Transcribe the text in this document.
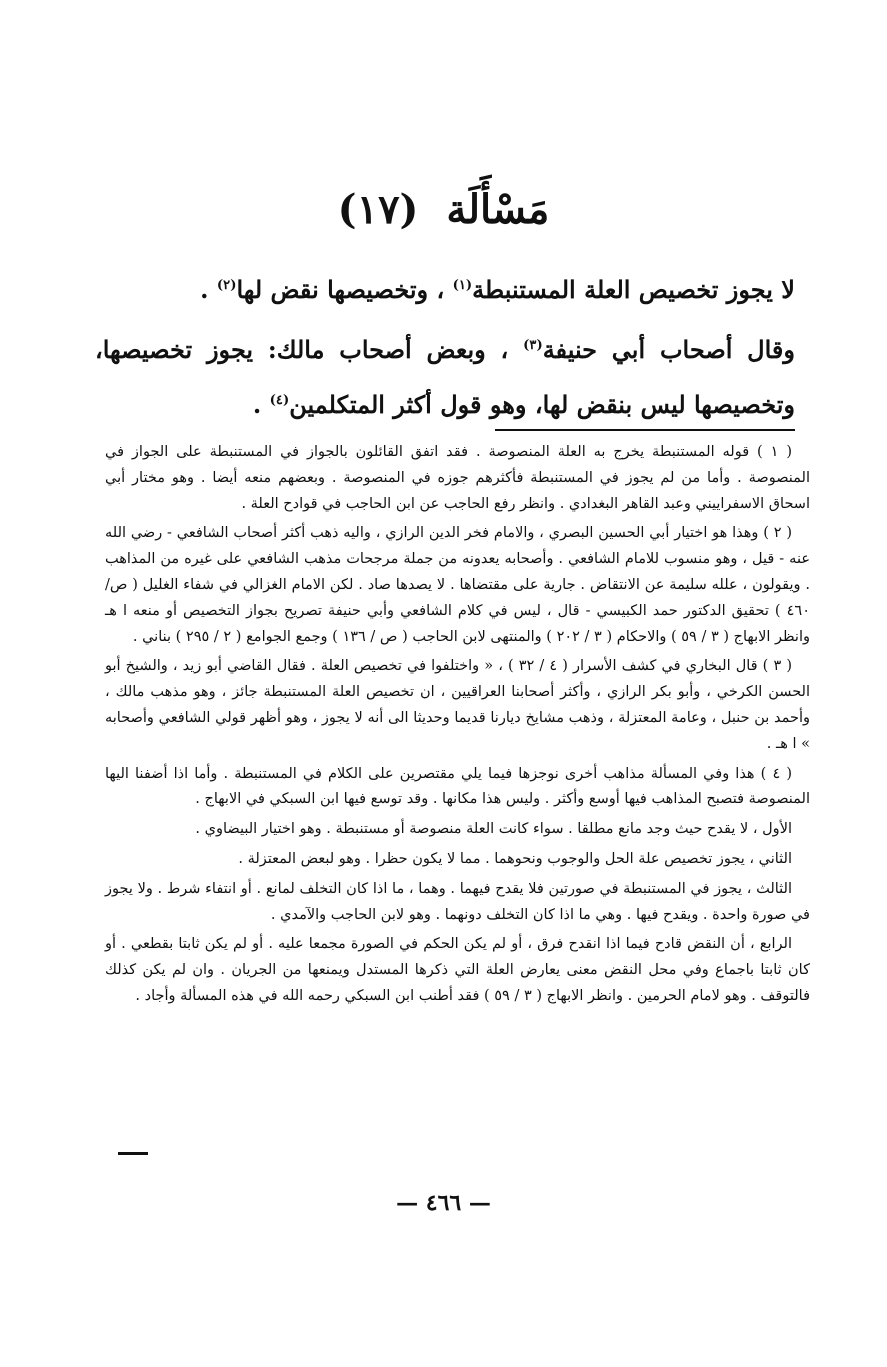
مَسْأَلَة (١٧)

لا يجوز تخصيص العلة المستنبطة$^{(١)}$ ، وتخصيصها نقض لها$^{(٢)}$ .

وقال أصحاب أبي حنيفة$^{(٣)}$ ، وبعض أصحاب مالك: يجوز تخصيصها، وتخصيصها ليس بنقض لها، وهو قول أكثر المتكلمين$^{(٤)}$ .

( ١ ) قوله المستنبطة يخرج به العلة المنصوصة . فقد اتفق القائلون بالجواز في المستنبطة على الجواز في المنصوصة . وأما من لم يجوز في المستنبطة فأكثرهم جوزه في المنصوصة . وبعضهم منعه أيضا . وهو مختار أبي اسحاق الاسفراييني وعبد القاهر البغدادي . وانظر رفع الحاجب عن ابن الحاجب في قوادح العلة .

( ٢ ) وهذا هو اختيار أبي الحسين البصري ، والامام فخر الدين الرازي ، واليه ذهب أكثر أصحاب الشافعي - رضي الله عنه - قيل ، وهو منسوب للامام الشافعي . وأصحابه يعدونه من جملة مرجحات مذهب الشافعي على غيره من المذاهب . ويقولون ، علله سليمة عن الانتقاض . جارية على مقتضاها . لا يصدها صاد . لكن الامام الغزالي في شفاء الغليل ( ص/ ٤٦٠ ) تحقيق الدكتور حمد الكبيسي - قال ، ليس في كلام الشافعي وأبي حنيفة تصريح بجواز التخصيص أو منعه ا هـ وانظر الابهاج ( ٣ / ٥٩ ) والاحكام ( ٣ / ٢٠٢ ) والمنتهى لابن الحاجب ( ص / ١٣٦ ) وجمع الجوامع ( ٢ / ٢٩٥ ) بناني .

( ٣ ) قال البخاري في كشف الأسرار ( ٤ / ٣٢ ) ، « واختلفوا في تخصيص العلة . فقال القاضي أبو زيد ، والشيخ أبو الحسن الكرخي ، وأبو بكر الرازي ، وأكثر أصحابنا العراقيين ، ان تخصيص العلة المستنبطة جائز ، وهو مذهب مالك ، وأحمد بن حنبل ، وعامة المعتزلة ، وذهب مشايخ ديارنا قديما وحديثا الى أنه لا يجوز ، وهو أظهر قولي الشافعي وأصحابه » ا هـ .

( ٤ ) هذا وفي المسألة مذاهب أخرى نوجزها فيما يلي مقتصرين على الكلام في المستنبطة . وأما اذا أضفنا اليها المنصوصة فتصبح المذاهب فيها أوسع وأكثر . وليس هذا مكانها . وقد توسع فيها ابن السبكي في الابهاج .

الأول ، لا يقدح حيث وجد مانع مطلقا . سواء كانت العلة منصوصة أو مستنبطة . وهو اختيار البيضاوي .

الثاني ، يجوز تخصيص علة الحل والوجوب ونحوهما . مما لا يكون حظرا . وهو لبعض المعتزلة .

الثالث ، يجوز في المستنبطة في صورتين فلا يقدح فيهما . وهما ، ما اذا كان التخلف لمانع . أو انتفاء شرط . ولا يجوز في صورة واحدة . ويقدح فيها . وهي ما اذا كان التخلف دونهما . وهو لابن الحاجب والآمدي .

الرابع ، أن النقض قادح فيما اذا انقدح فرق ، أو لم يكن الحكم في الصورة مجمعا عليه . أو لم يكن ثابتا بقطعي . أو كان ثابتا باجماع وفي محل النقض معنى يعارض العلة التي ذكرها المستدل ويمنعها من الجريان . وان لم يكن كذلك فالتوقف . وهو لامام الحرمين . وانظر الابهاج ( ٣ / ٥٩ ) فقد أطنب ابن السبكي رحمه الله في هذه المسألة وأجاد .

— ٤٦٦ —
